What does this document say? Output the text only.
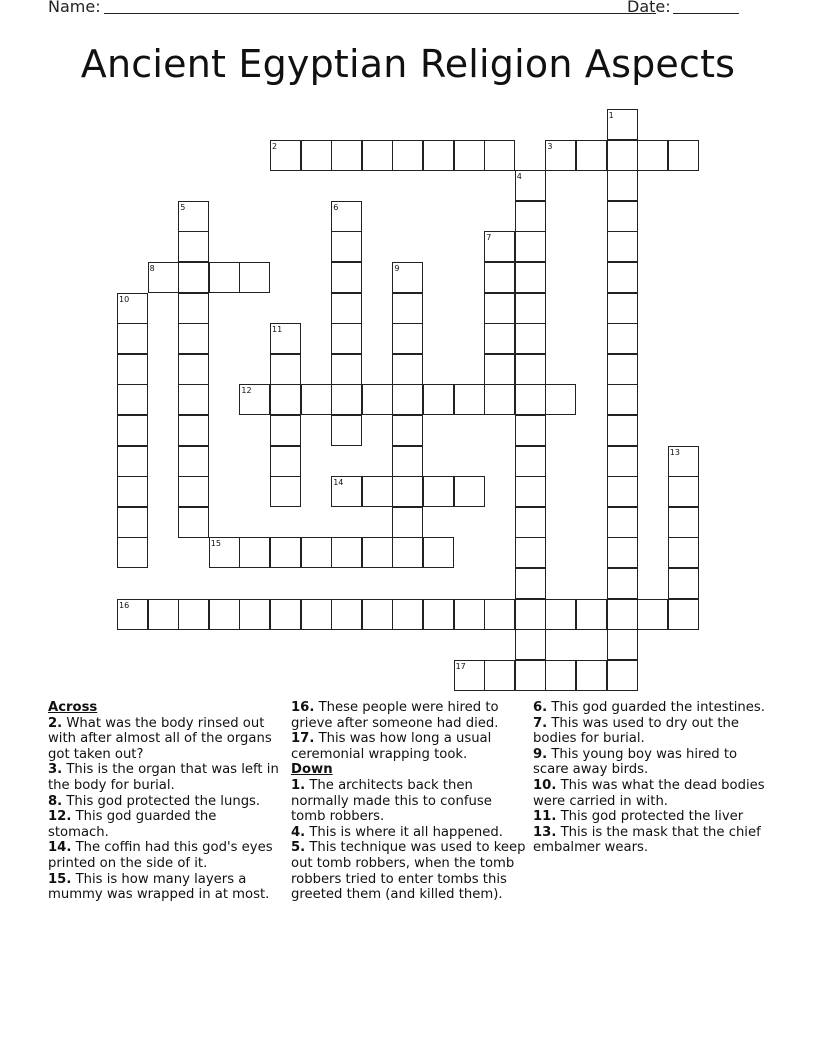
Name:	Date:
Ancient Egyptian Religion Aspects
1
2	3
4
5	6
7
8	9
10
11
12
13
14
15
16
17
Across
2. What was the body rinsed out with after almost all of the organs got taken out?
3. This is the organ that was left in the body for burial.
8. This god protected the lungs.
12. This god guarded the stomach.
14. The coffin had this god's eyes printed on the side of it.
15. This is how many layers a mummy was wrapped in at most.
16. These people were hired to grieve after someone had died.
17. This was how long a usual ceremonial wrapping took.
Down
1. The architects back then normally made this to confuse tomb robbers.
4. This is where it all happened.
5. This technique was used to keep out tomb robbers, when the tomb robbers tried to enter tombs this greeted them (and killed them).
6. This god guarded the intestines.
7. This was used to dry out the bodies for burial.
9. This young boy was hired to scare away birds.
10. This was what the dead bodies were carried in with.
11. This god protected the liver
13. This is the mask that the chief embalmer wears.
